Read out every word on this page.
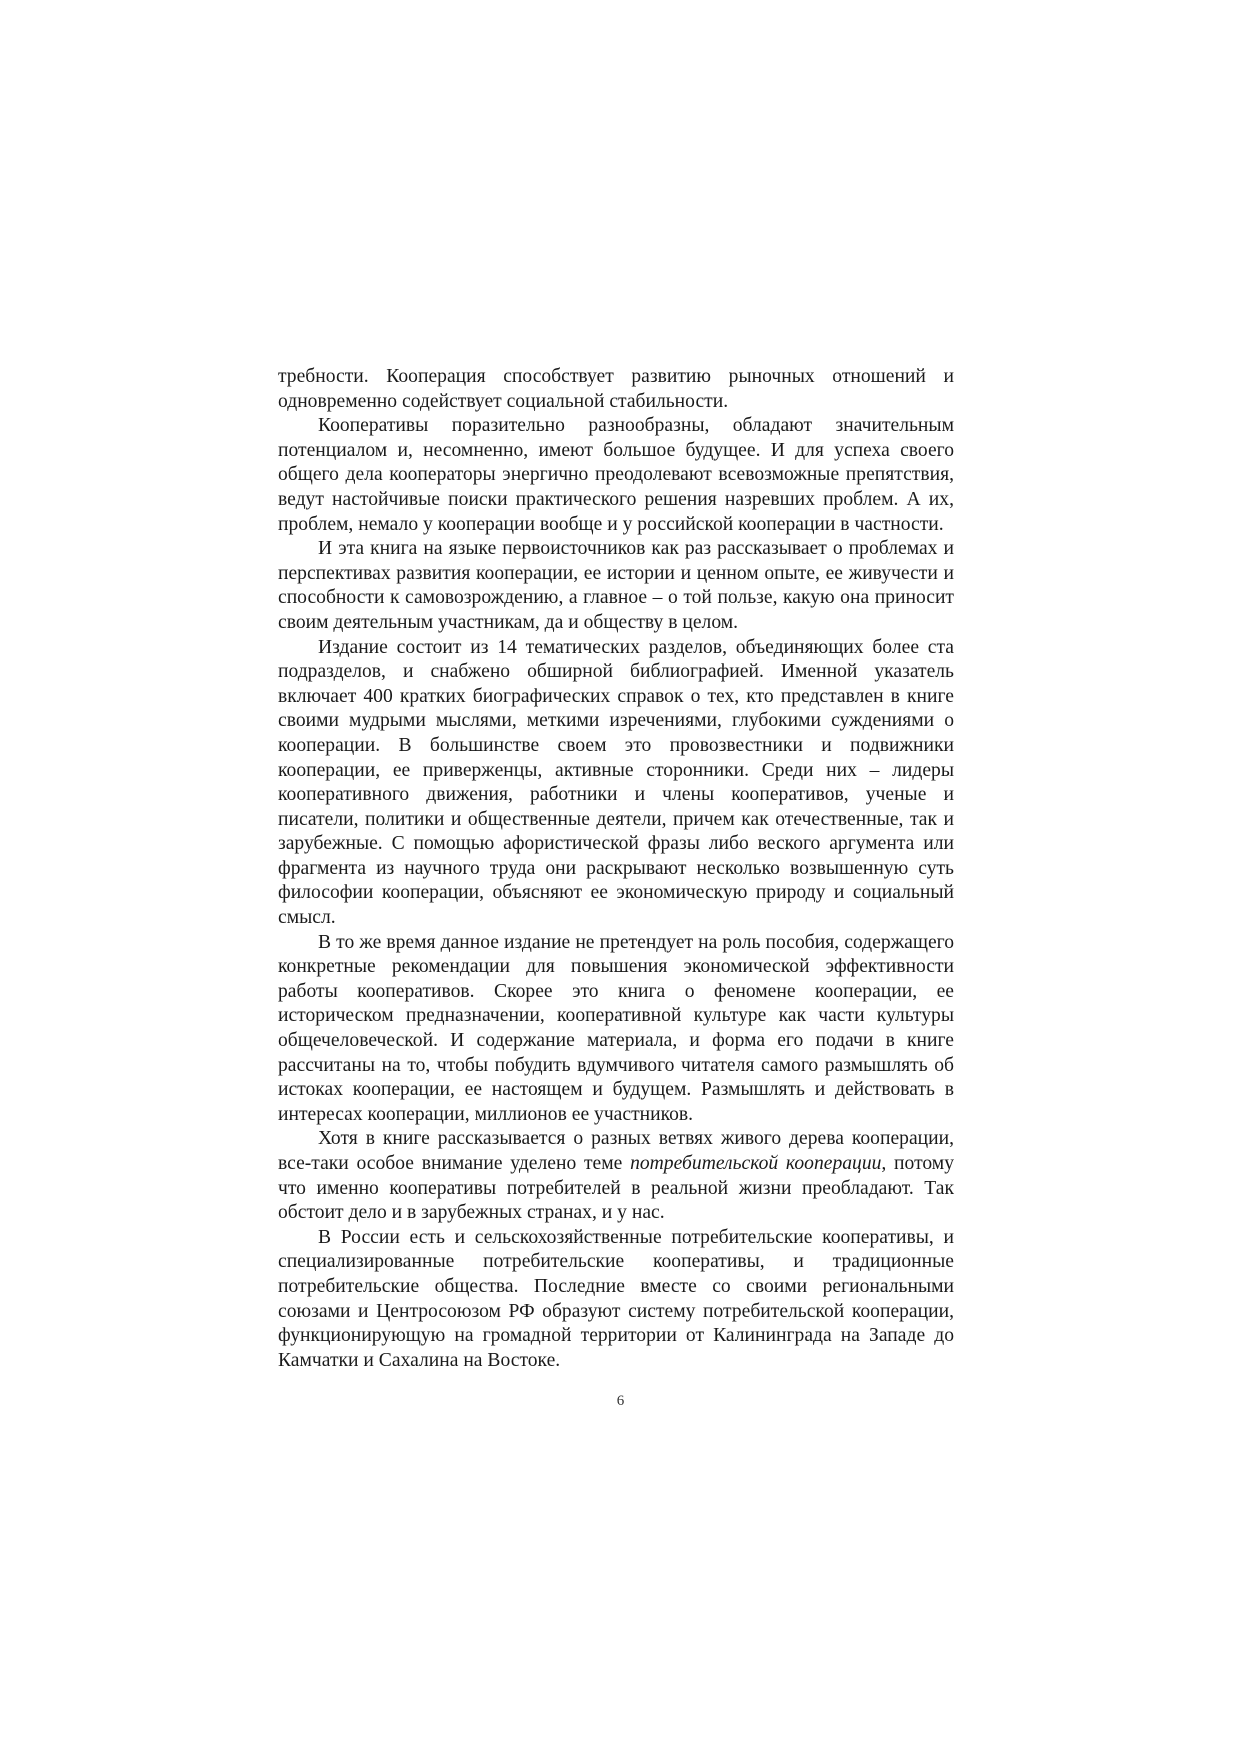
требности. Кооперация способствует развитию рыночных отношений и одновременно содействует социальной стабильности.

Кооперативы поразительно разнообразны, обладают значительным потенциалом и, несомненно, имеют большое будущее. И для успеха своего общего дела кооператоры энергично преодолевают всевозможные препятствия, ведут настойчивые поиски практического решения назревших проблем. А их, проблем, немало у кооперации вообще и у российской кооперации в частности.

И эта книга на языке первоисточников как раз рассказывает о проблемах и перспективах развития кооперации, ее истории и ценном опыте, ее живучести и способности к самовозрождению, а главное – о той пользе, какую она приносит своим деятельным участникам, да и обществу в целом.

Издание состоит из 14 тематических разделов, объединяющих более ста подразделов, и снабжено обширной библиографией. Именной указатель включает 400 кратких биографических справок о тех, кто представлен в книге своими мудрыми мыслями, меткими изречениями, глубокими суждениями о кооперации. В большинстве своем это провозвестники и подвижники кооперации, ее приверженцы, активные сторонники. Среди них – лидеры кооперативного движения, работники и члены кооперативов, ученые и писатели, политики и общественные деятели, причем как отечественные, так и зарубежные. С помощью афористической фразы либо веского аргумента или фрагмента из научного труда они раскрывают несколько возвышенную суть философии кооперации, объясняют ее экономическую природу и социальный смысл.

В то же время данное издание не претендует на роль пособия, содержащего конкретные рекомендации для повышения экономической эффективности работы кооперативов. Скорее это книга о феномене кооперации, ее историческом предназначении, кооперативной культуре как части культуры общечеловеческой. И содержание материала, и форма его подачи в книге рассчитаны на то, чтобы побудить вдумчивого читателя самого размышлять об истоках кооперации, ее настоящем и будущем. Размышлять и действовать в интересах кооперации, миллионов ее участников.

Хотя в книге рассказывается о разных ветвях живого дерева кооперации, все-таки особое внимание уделено теме потребительской кооперации, потому что именно кооперативы потребителей в реальной жизни преобладают. Так обстоит дело и в зарубежных странах, и у нас.

В России есть и сельскохозяйственные потребительские кооперативы, и специализированные потребительские кооперативы, и традиционные потребительские общества. Последние вместе со своими региональными союзами и Центросоюзом РФ образуют систему потребительской кооперации, функционирующую на громадной территории от Калининграда на Западе до Камчатки и Сахалина на Востоке.

6
